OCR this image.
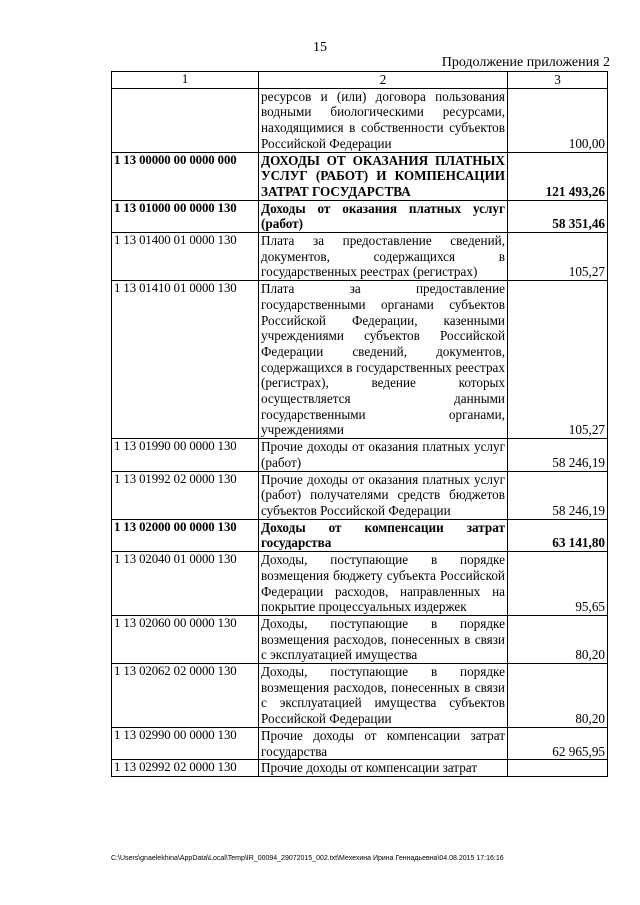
15
Продолжение приложения 2
1	2	3
	ресурсов и (или) договора пользования водными биологическими ресурсами, находящимися в собственности субъектов Российской Федерации	100,00
1 13 00000 00 0000 000	ДОХОДЫ ОТ ОКАЗАНИЯ ПЛАТНЫХ УСЛУГ (РАБОТ) И КОМПЕНСАЦИИ ЗАТРАТ ГОСУДАРСТВА	121 493,26
1 13 01000 00 0000 130	Доходы от оказания платных услуг (работ)	58 351,46
1 13 01400 01 0000 130	Плата за предоставление сведений, документов, содержащихся в государственных реестрах (регистрах)	105,27
1 13 01410 01 0000 130	Плата за предоставление государственными органами субъектов Российской Федерации, казенными учреждениями субъектов Российской Федерации сведений, документов, содержащихся в государственных реестрах (регистрах), ведение которых осуществляется данными государственными органами, учреждениями	105,27
1 13 01990 00 0000 130	Прочие доходы от оказания платных услуг (работ)	58 246,19
1 13 01992 02 0000 130	Прочие доходы от оказания платных услуг (работ) получателями средств бюджетов субъектов Российской Федерации	58 246,19
1 13 02000 00 0000 130	Доходы от компенсации затрат государства	63 141,80
1 13 02040 01 0000 130	Доходы, поступающие в порядке возмещения бюджету субъекта Российской Федерации расходов, направленных на покрытие процессуальных издержек	95,65
1 13 02060 00 0000 130	Доходы, поступающие в порядке возмещения расходов, понесенных в связи с эксплуатацией имущества	80,20
1 13 02062 02 0000 130	Доходы, поступающие в порядке возмещения расходов, понесенных в связи с эксплуатацией имущества субъектов Российской Федерации	80,20
1 13 02990 00 0000 130	Прочие доходы от компенсации затрат государства	62 965,95
1 13 02992 02 0000 130	Прочие доходы от компенсации затрат	
C:\Users\gnaelekhina\AppData\Local\Temp\IR_00094_29072015_002.txt\Мехехина Ирина Геннадьевна\04.08.2015 17:16:16
